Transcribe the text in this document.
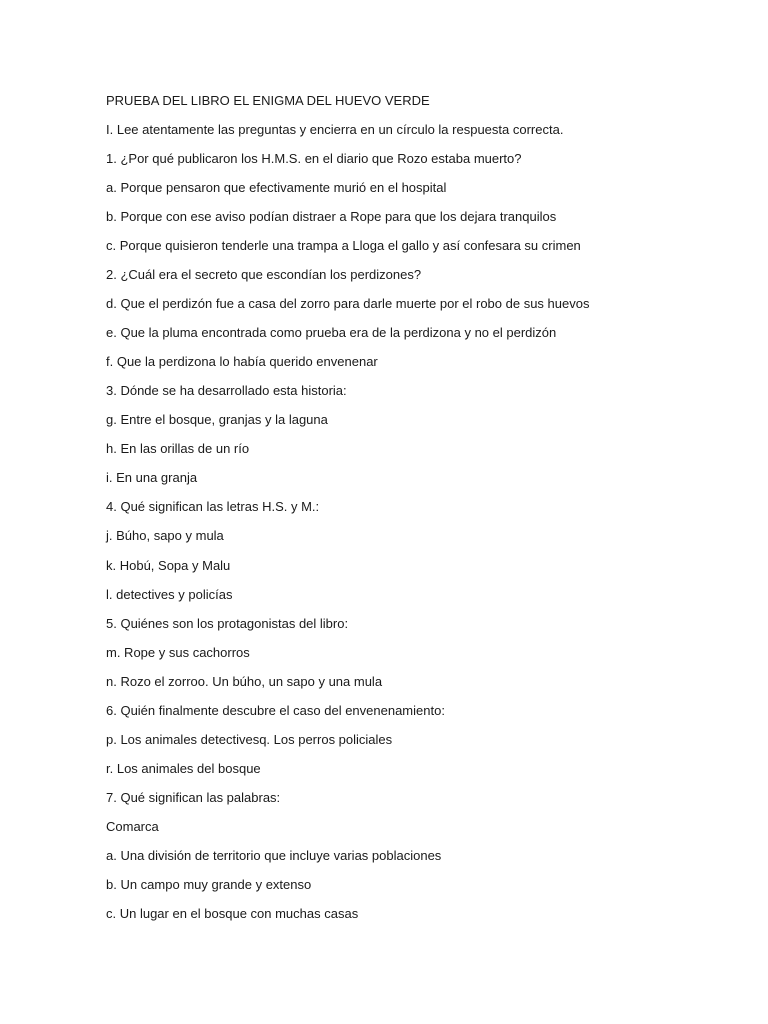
PRUEBA DEL LIBRO EL ENIGMA DEL HUEVO VERDE
I. Lee atentamente las preguntas y encierra en un círculo la respuesta correcta.
1. ¿Por qué publicaron los H.M.S. en el diario que Rozo estaba muerto?
a. Porque pensaron que efectivamente murió en el hospital
b. Porque con ese aviso podían distraer a Rope para que los dejara tranquilos
c. Porque quisieron tenderle una trampa a Lloga el gallo y así confesara su crimen
2. ¿Cuál era el secreto que escondían los perdizones?
d. Que el perdizón fue a casa del zorro para darle muerte por el robo de sus huevos
e. Que la pluma encontrada como prueba era de la perdizona y no el perdizón
f. Que la perdizona lo había querido envenenar
3. Dónde se ha desarrollado esta historia:
g. Entre el bosque, granjas y la laguna
h. En las orillas de un río
i. En una granja
4. Qué significan las letras H.S. y M.:
j. Búho, sapo y mula
k. Hobú, Sopa y Malu
l. detectives y policías
5. Quiénes son los protagonistas del libro:
m. Rope y sus cachorros
n. Rozo el zorroo. Un búho, un sapo y una mula
6. Quién finalmente descubre el caso del envenenamiento:
p. Los animales detectivesq. Los perros policiales
r. Los animales del bosque
7. Qué significan las palabras:
Comarca
a. Una división de territorio que incluye varias poblaciones
b. Un campo muy grande y extenso
c. Un lugar en el bosque con muchas casas
